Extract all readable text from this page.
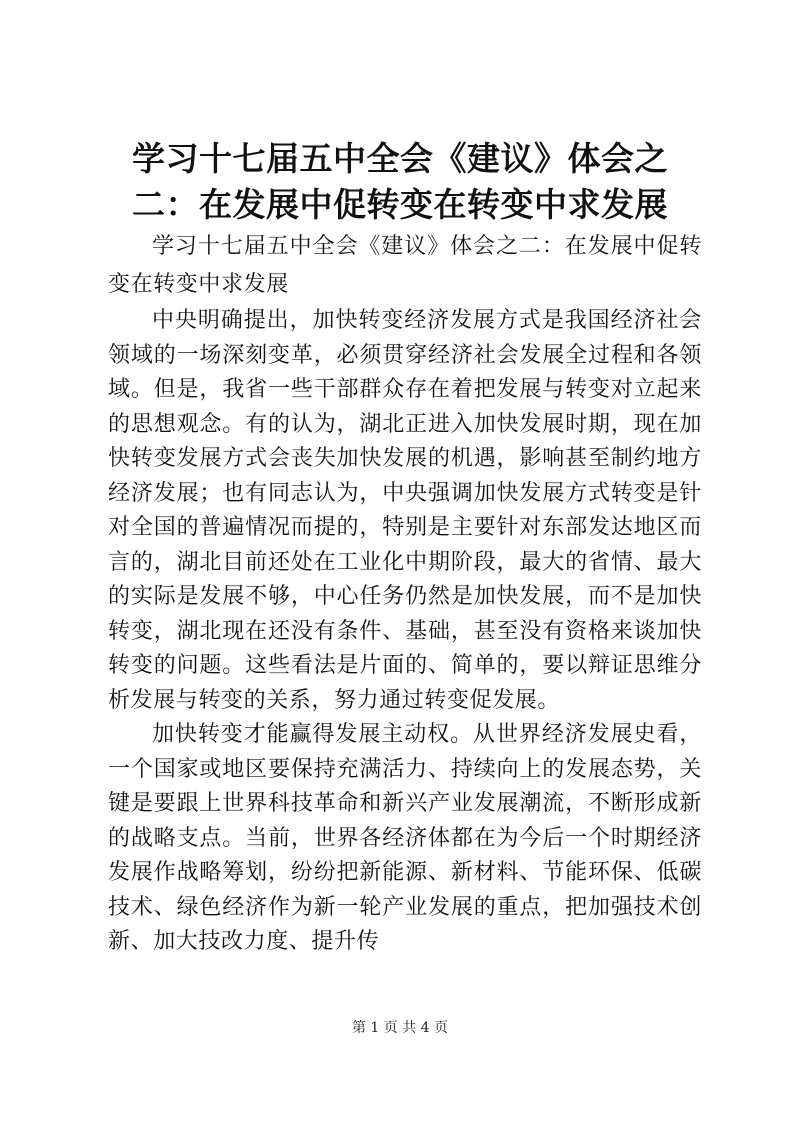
学习十七届五中全会《建议》体会之二：在发展中促转变在转变中求发展

学习十七届五中全会《建议》体会之二：在发展中促转变在转变中求发展

中央明确提出，加快转变经济发展方式是我国经济社会领域的一场深刻变革，必须贯穿经济社会发展全过程和各领域。但是，我省一些干部群众存在着把发展与转变对立起来的思想观念。有的认为，湖北正进入加快发展时期，现在加快转变发展方式会丧失加快发展的机遇，影响甚至制约地方经济发展；也有同志认为，中央强调加快发展方式转变是针对全国的普遍情况而提的，特别是主要针对东部发达地区而言的，湖北目前还处在工业化中期阶段，最大的省情、最大的实际是发展不够，中心任务仍然是加快发展，而不是加快转变，湖北现在还没有条件、基础，甚至没有资格来谈加快转变的问题。这些看法是片面的、简单的，要以辩证思维分析发展与转变的关系，努力通过转变促发展。

加快转变才能赢得发展主动权。从世界经济发展史看，一个国家或地区要保持充满活力、持续向上的发展态势，关键是要跟上世界科技革命和新兴产业发展潮流，不断形成新的战略支点。当前，世界各经济体都在为今后一个时期经济发展作战略筹划，纷纷把新能源、新材料、节能环保、低碳技术、绿色经济作为新一轮产业发展的重点，把加强技术创新、加大技改力度、提升传

第 1 页 共 4 页
